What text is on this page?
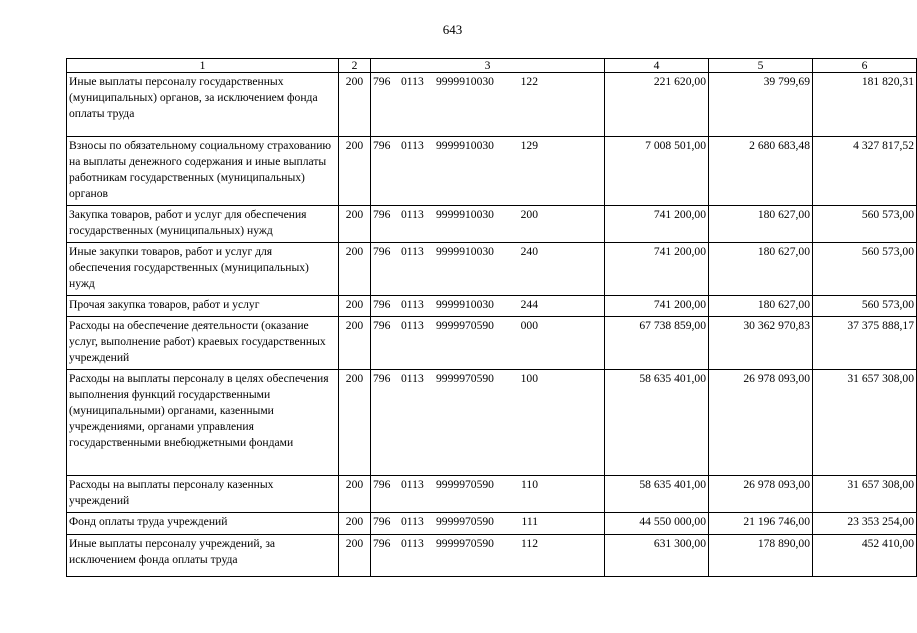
643
1	2	3	4	5	6
Иные выплаты персоналу государственных (муниципальных) органов, за исключением фонда оплаты труда	200	796 0113 9999910030 122	221 620,00	39 799,69	181 820,31
Взносы по обязательному социальному страхованию на выплаты денежного содержания и иные выплаты работникам государственных (муниципальных) органов	200	796 0113 9999910030 129	7 008 501,00	2 680 683,48	4 327 817,52
Закупка товаров, работ и услуг для обеспечения государственных (муниципальных) нужд	200	796 0113 9999910030 200	741 200,00	180 627,00	560 573,00
Иные закупки товаров, работ и услуг для обеспечения государственных (муниципальных) нужд	200	796 0113 9999910030 240	741 200,00	180 627,00	560 573,00
Прочая закупка товаров, работ и услуг	200	796 0113 9999910030 244	741 200,00	180 627,00	560 573,00
Расходы на обеспечение деятельности (оказание услуг, выполнение работ) краевых государственных учреждений	200	796 0113 9999970590 000	67 738 859,00	30 362 970,83	37 375 888,17
Расходы на выплаты персоналу в целях обеспечения выполнения функций государственными (муниципальными) органами, казенными учреждениями, органами управления государственными внебюджетными фондами	200	796 0113 9999970590 100	58 635 401,00	26 978 093,00	31 657 308,00
Расходы на выплаты персоналу казенных учреждений	200	796 0113 9999970590 110	58 635 401,00	26 978 093,00	31 657 308,00
Фонд оплаты труда учреждений	200	796 0113 9999970590 111	44 550 000,00	21 196 746,00	23 353 254,00
Иные выплаты персоналу учреждений, за исключением фонда оплаты труда	200	796 0113 9999970590 112	631 300,00	178 890,00	452 410,00
